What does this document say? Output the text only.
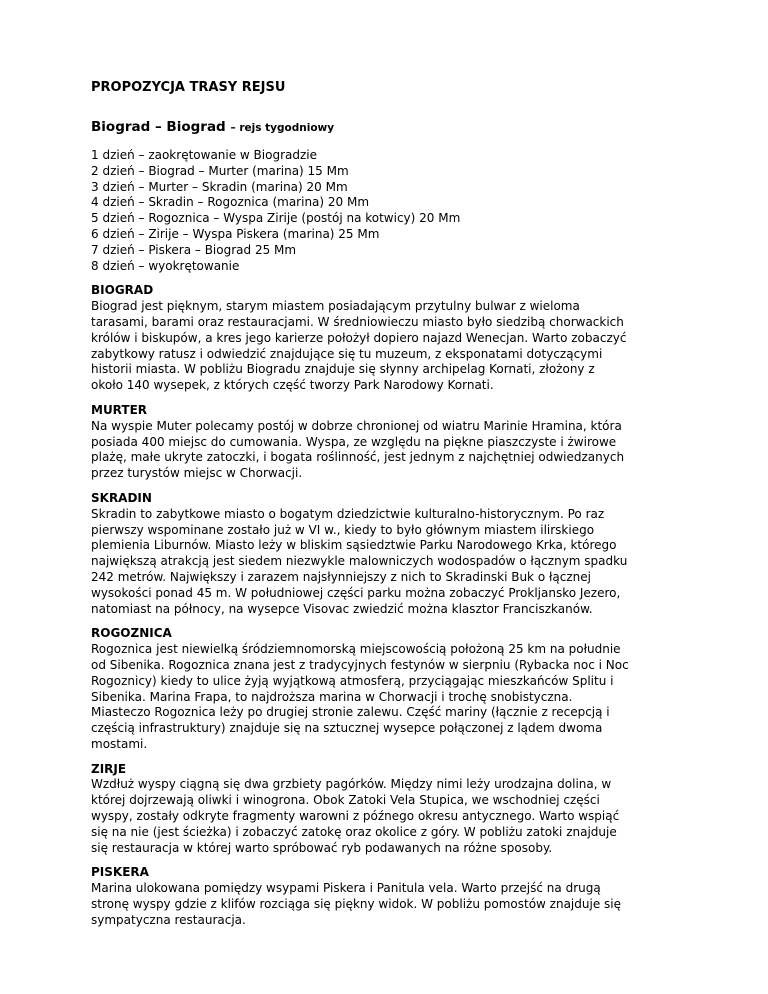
PROPOZYCJA TRASY REJSU
Biograd – Biograd – rejs tygodniowy
1 dzień – zaokrętowanie w Biogradzie
2 dzień – Biograd – Murter (marina) 15 Mm
3 dzień – Murter – Skradin (marina) 20 Mm
4 dzień – Skradin – Rogoznica (marina) 20 Mm
5 dzień – Rogoznica – Wyspa Zirije (postój na kotwicy) 20 Mm
6 dzień – Zirije – Wyspa Piskera (marina) 25 Mm
7 dzień – Piskera – Biograd 25 Mm
8 dzień – wyokrętowanie
BIOGRAD

Biograd jest pięknym, starym miastem posiadającym przytulny bulwar z wieloma
tarasami, barami oraz restauracjami. W średniowieczu miasto było siedzibą chorwackich
królów i biskupów, a kres jego karierze położył dopiero najazd Wenecjan. Warto zobaczyć
zabytkowy ratusz i odwiedzić znajdujące się tu muzeum, z eksponatami dotyczącymi
historii miasta. W pobliżu Biogradu znajduje się słynny archipelag Kornati, złożony z
około 140 wysepek, z których część tworzy Park Narodowy Kornati.

MURTER

Na wyspie Muter polecamy postój w dobrze chronionej od wiatru Marinie Hramina, która
posiada 400 miejsc do cumowania. Wyspa, ze względu na piękne piaszczyste i żwirowe
plażę, małe ukryte zatoczki, i bogata roślinność, jest jednym z najchętniej odwiedzanych
przez turystów miejsc w Chorwacji.

SKRADIN

Skradin to zabytkowe miasto o bogatym dziedzictwie kulturalno-historycznym. Po raz
pierwszy wspominane zostało już w VI w., kiedy to było głównym miastem ilirskiego
plemienia Liburnów. Miasto leży w bliskim sąsiedztwie Parku Narodowego Krka, którego
największą atrakcją jest siedem niezwykle malowniczych wodospadów o łącznym spadku
242 metrów. Największy i zarazem najsłynniejszy z nich to Skradinski Buk o łącznej
wysokości ponad 45 m. W południowej części parku można zobaczyć Prokljansko Jezero,
natomiast na północy, na wysepce Visovac zwiedzić można klasztor Franciszkanów.

ROGOZNICA

Rogoznica jest niewielką śródziemnomorską miejscowością położoną 25 km na południe
od Sibenika. Rogoznica znana jest z tradycyjnych festynów w sierpniu (Rybacka noc i Noc
Rogoznicy) kiedy to ulice żyją wyjątkową atmosferą, przyciągając mieszkańców Splitu i
Sibenika. Marina Frapa, to najdroższa marina w Chorwacji i trochę snobistyczna.
Miasteczo Rogoznica leży po drugiej stronie zalewu. Część mariny (łącznie z recepcją i
częścią infrastruktury) znajduje się na sztucznej wysepce połączonej z lądem dwoma
mostami.

ZIRJE

Wzdłuż wyspy ciągną się dwa grzbiety pagórków. Między nimi leży urodzajna dolina, w
której dojrzewają oliwki i winogrona. Obok Zatoki Vela Stupica, we wschodniej części
wyspy, zostały odkryte fragmenty warowni z późnego okresu antycznego. Warto wspiąć
się na nie (jest ścieżka) i zobaczyć zatokę oraz okolice z góry. W pobliżu zatoki znajduje
się restauracja w której warto spróbować ryb podawanych na różne sposoby.

PISKERA

Marina ulokowana pomiędzy wsypami Piskera i Panitula vela. Warto przejść na drugą
stronę wyspy gdzie z klifów rozciąga się piękny widok. W pobliżu pomostów znajduje się
sympatyczna restauracja.
